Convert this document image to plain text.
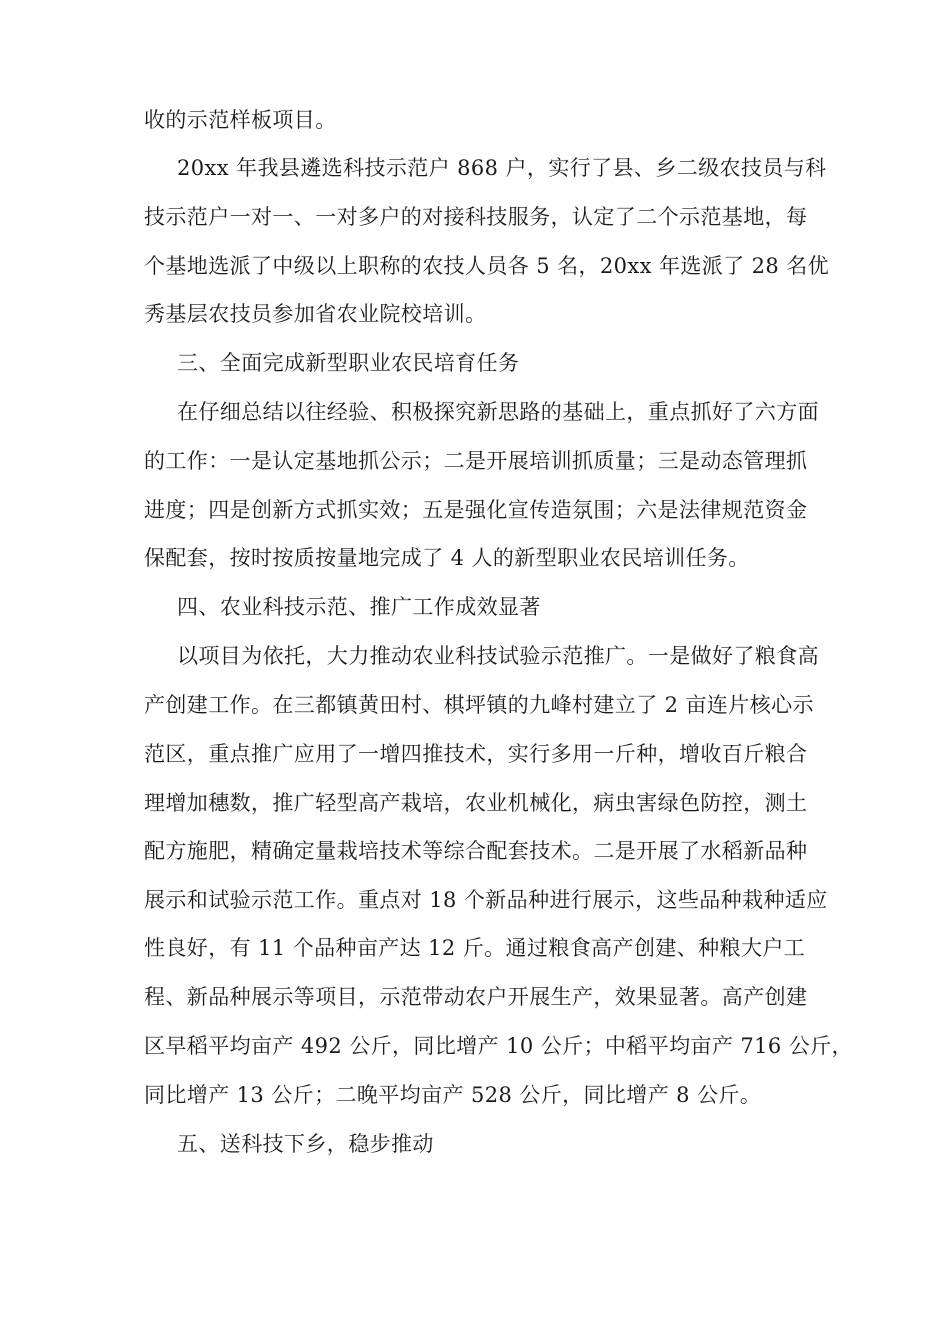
收的示范样板项目。
20xx 年我县遴选科技示范户 868 户，实行了县、乡二级农技员与科
技示范户一对一、一对多户的对接科技服务，认定了二个示范基地，每
个基地选派了中级以上职称的农技人员各 5 名，20xx 年选派了 28 名优
秀基层农技员参加省农业院校培训。
三、全面完成新型职业农民培育任务
在仔细总结以往经验、积极探究新思路的基础上，重点抓好了六方面
的工作：一是认定基地抓公示；二是开展培训抓质量；三是动态管理抓
进度；四是创新方式抓实效；五是强化宣传造氛围；六是法律规范资金
保配套，按时按质按量地完成了 4 人的新型职业农民培训任务。
四、农业科技示范、推广工作成效显著
以项目为依托，大力推动农业科技试验示范推广。一是做好了粮食高
产创建工作。在三都镇黄田村、棋坪镇的九峰村建立了 2 亩连片核心示
范区，重点推广应用了一增四推技术，实行多用一斤种，增收百斤粮合
理增加穗数，推广轻型高产栽培，农业机械化，病虫害绿色防控，测土
配方施肥，精确定量栽培技术等综合配套技术。二是开展了水稻新品种
展示和试验示范工作。重点对 18 个新品种进行展示，这些品种栽种适应
性良好，有 11 个品种亩产达 12 斤。通过粮食高产创建、种粮大户工
程、新品种展示等项目，示范带动农户开展生产，效果显著。高产创建
区早稻平均亩产 492 公斤，同比增产 10 公斤；中稻平均亩产 716 公斤，
同比增产 13 公斤；二晚平均亩产 528 公斤，同比增产 8 公斤。
五、送科技下乡，稳步推动
